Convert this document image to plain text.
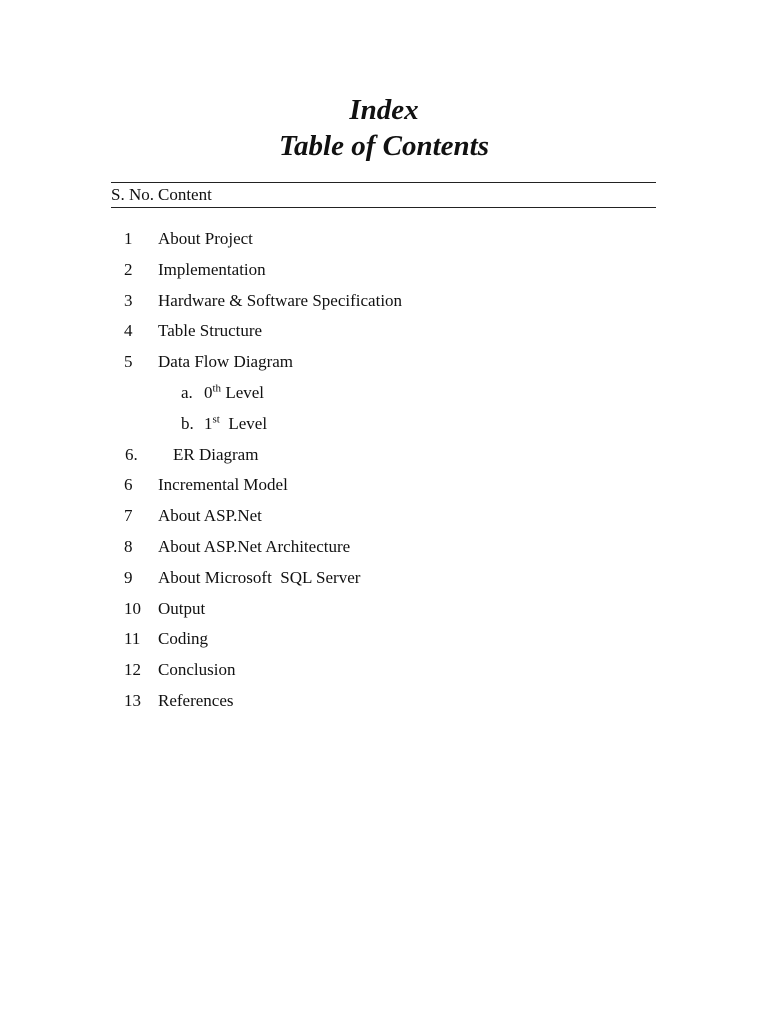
Index
Table of Contents
S. No. Content
1 About Project
2 Implementation
3 Hardware & Software Specification
4 Table Structure
5 Data Flow Diagram
a. 0th Level
b. 1st  Level
6. ER Diagram
6 Incremental Model
7 About ASP.Net
8 About ASP.Net Architecture
9 About Microsoft  SQL Server
10 Output
11 Coding
12 Conclusion
13 References
